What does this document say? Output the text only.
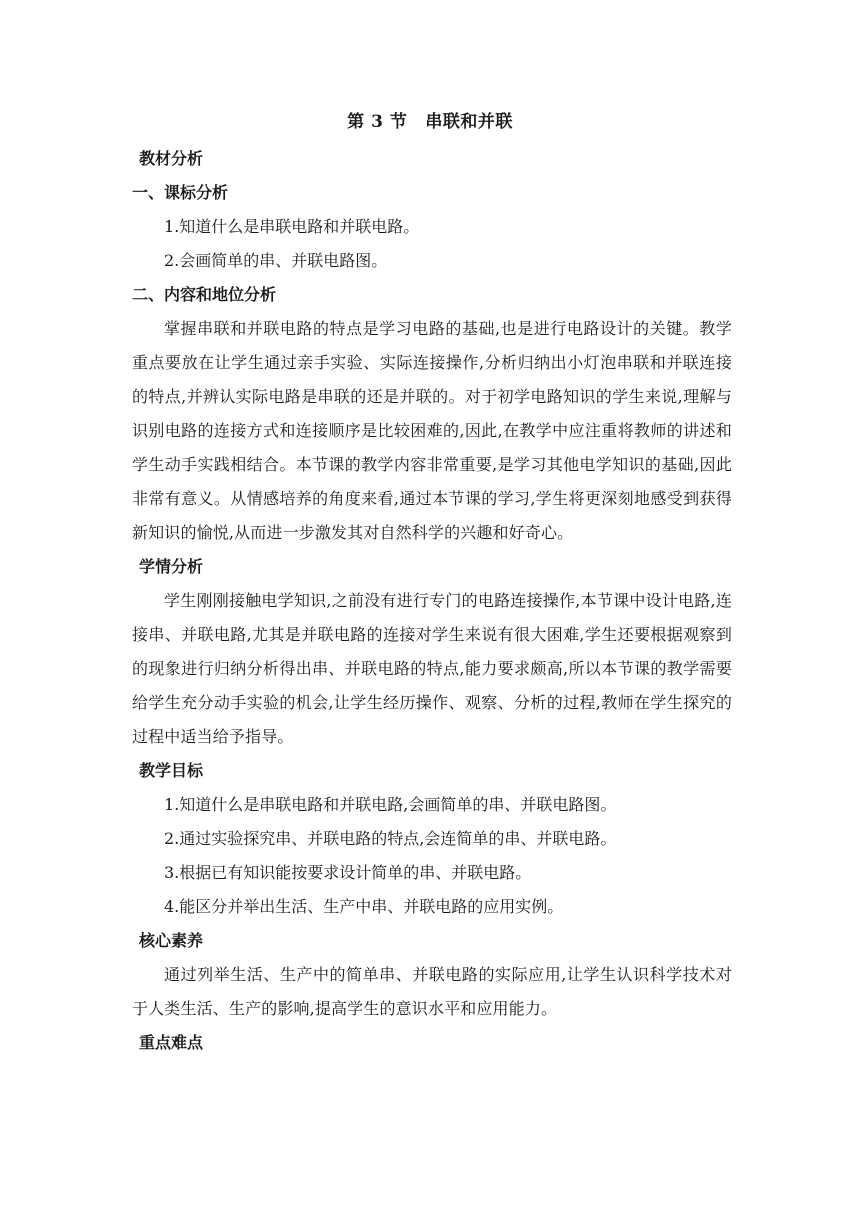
第 3 节 串联和并联
教材分析
一、课标分析
1.知道什么是串联电路和并联电路。
2.会画简单的串、并联电路图。
二、内容和地位分析
掌握串联和并联电路的特点是学习电路的基础,也是进行电路设计的关键。教学重点要放在让学生通过亲手实验、实际连接操作,分析归纳出小灯泡串联和并联连接的特点,并辨认实际电路是串联的还是并联的。对于初学电路知识的学生来说,理解与识别电路的连接方式和连接顺序是比较困难的,因此,在教学中应注重将教师的讲述和学生动手实践相结合。本节课的教学内容非常重要,是学习其他电学知识的基础,因此非常有意义。从情感培养的角度来看,通过本节课的学习,学生将更深刻地感受到获得新知识的愉悦,从而进一步激发其对自然科学的兴趣和好奇心。
学情分析
学生刚刚接触电学知识,之前没有进行专门的电路连接操作,本节课中设计电路,连接串、并联电路,尤其是并联电路的连接对学生来说有很大困难,学生还要根据观察到的现象进行归纳分析得出串、并联电路的特点,能力要求颇高,所以本节课的教学需要给学生充分动手实验的机会,让学生经历操作、观察、分析的过程,教师在学生探究的过程中适当给予指导。
教学目标
1.知道什么是串联电路和并联电路,会画简单的串、并联电路图。
2.通过实验探究串、并联电路的特点,会连简单的串、并联电路。
3.根据已有知识能按要求设计简单的串、并联电路。
4.能区分并举出生活、生产中串、并联电路的应用实例。
核心素养
通过列举生活、生产中的简单串、并联电路的实际应用,让学生认识科学技术对于人类生活、生产的影响,提高学生的意识水平和应用能力。
重点难点
